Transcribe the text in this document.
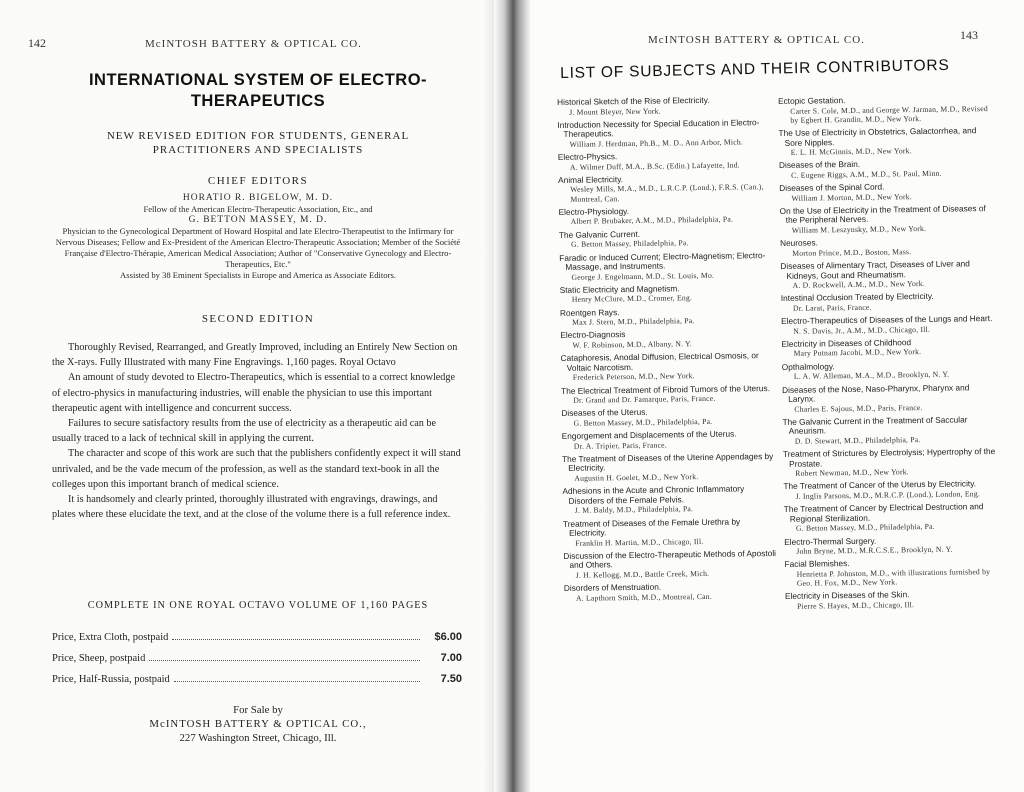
142	McINTOSH BATTERY & OPTICAL CO.
INTERNATIONAL SYSTEM OF ELECTRO-THERAPEUTICS
NEW REVISED EDITION FOR STUDENTS, GENERAL PRACTITIONERS AND SPECIALISTS
CHIEF EDITORS
HORATIO R. BIGELOW, M. D.
Fellow of the American Electro-Therapeutic Association, Etc., and
G. BETTON MASSEY, M. D.
Physician to the Gynecological Department of Howard Hospital and late Electro-Therapeutist to the Infirmary for Nervous Diseases; Fellow and Ex-President of the American Electro-Therapeutic Association; Member of the Société Française d'Electro-Thérapie, American Medical Association; Author of "Conservative Gynecology and Electro-Therapeutics, Etc."
Assisted by 38 Eminent Specialists in Europe and America as Associate Editors.
SECOND EDITION

Thoroughly Revised, Rearranged, and Greatly Improved, including an Entirely New Section on the X-rays. Fully Illustrated with many Fine Engravings. 1,160 pages. Royal Octavo

An amount of study devoted to Electro-Therapeutics, which is essential to a correct knowledge of electro-physics in manufacturing industries, will enable the physician to use this important therapeutic agent with intelligence and concurrent success.

Failures to secure satisfactory results from the use of electricity as a therapeutic aid can be usually traced to a lack of technical skill in applying the current.

The character and scope of this work are such that the publishers confidently expect it will stand unrivaled, and be the vade mecum of the profession, as well as the standard text-book in all the colleges upon this important branch of medical science.

It is handsomely and clearly printed, thoroughly illustrated with engravings, drawings, and plates where these elucidate the text, and at the close of the volume there is a full reference index.

COMPLETE IN ONE ROYAL OCTAVO VOLUME OF 1,160 PAGES
Price, Extra Cloth, postpaid	$6.00
Price, Sheep, postpaid	7.00
Price, Half-Russia, postpaid	7.50
For Sale by
McINTOSH BATTERY & OPTICAL CO.,
227 Washington Street, Chicago, Ill.
McINTOSH BATTERY & OPTICAL CO.	143
LIST OF SUBJECTS AND THEIR CONTRIBUTORS
Historical Sketch of the Rise of Electricity.
J. Mount Bleyer, New York.
Introduction Necessity for Special Education in Electro-Therapeutics.
William J. Herdman, Ph.B., M. D., Ann Arbor, Mich.
Electro-Physics.
A. Wilmer Duff, M.A., B.Sc. (Edin.) Lafayette, Ind.
Animal Electricity.
Wesley Mills, M.A., M.D., L.R.C.P. (Lond.), F.R.S. (Can.), Montreal, Can.
Electro-Physiology.
Albert P. Brubaker, A.M., M.D., Philadelphia, Pa.
The Galvanic Current.
G. Betton Massey, Philadelphia, Pa.
Faradic or Induced Current; Electro-Magnetism; Electro-Massage, and Instruments.
George J. Engelmann, M.D., St. Louis, Mo.
Static Electricity and Magnetism.
Henry McClure, M.D., Cromer, Eng.
Roentgen Rays.
Max J. Stern, M.D., Philadelphia, Pa.
Electro-Diagnosis
W. F. Robinson, M.D., Albany, N. Y.
Cataphoresis, Anodal Diffusion, Electrical Osmosis, or Voltaic Narcotism.
Frederick Peterson, M.D., New York.
The Electrical Treatment of Fibroid Tumors of the Uterus.
Dr. Grand and Dr. Famarque, Paris, France.
Diseases of the Uterus.
G. Betton Massey, M.D., Philadelphia, Pa.
Engorgement and Displacements of the Uterus.
Dr. A. Tripier, Paris, France.
The Treatment of Diseases of the Uterine Appendages by Electricity.
Augustin H. Goelet, M.D., New York.
Adhesions in the Acute and Chronic Inflammatory Disorders of the Female Pelvis.
J. M. Baldy, M.D., Philadelphia, Pa.
Treatment of Diseases of the Female Urethra by Electricity.
Franklin H. Martin, M.D., Chicago, Ill.
Discussion of the Electro-Therapeutic Methods of Apostoli and Others.
J. H. Kellogg, M.D., Battle Creek, Mich.
Disorders of Menstruation.
A. Lapthorn Smith, M.D., Montreal, Can.
Ectopic Gestation.
Carter S. Cole, M.D., and George W. Jarman, M.D., Revised by Egbert H. Grandin, M.D., New York.
The Use of Electricity in Obstetrics, Galactorrhea, and Sore Nipples.
E. L. H. McGinnis, M.D., New York.
Diseases of the Brain.
C. Eugene Riggs, A.M., M.D., St. Paul, Minn.
Diseases of the Spinal Cord.
William J. Morton, M.D., New York.
On the Use of Electricity in the Treatment of Diseases of the Peripheral Nerves.
William M. Leszynsky, M.D., New York.
Neuroses.
Morton Prince, M.D., Boston, Mass.
Diseases of Alimentary Tract, Diseases of Liver and Kidneys, Gout and Rheumatism.
A. D. Rockwell, A.M., M.D., New York.
Intestinal Occlusion Treated by Electricity.
Dr. Larat, Paris, France.
Electro-Therapeutics of Diseases of the Lungs and Heart.
N. S. Davis, Jr., A.M., M.D., Chicago, Ill.
Electricity in Diseases of Childhood
Mary Putnam Jacobi, M.D., New York.
Opthalmology.
L. A. W. Alleman, M.A., M.D., Brooklyn, N. Y.
Diseases of the Nose, Naso-Pharynx, Pharynx and Larynx.
Charles E. Sajous, M.D., Paris, France.
The Galvanic Current in the Treatment of Saccular Aneurism.
D. D. Stewart, M.D., Philadelphia, Pa.
Treatment of Strictures by Electrolysis; Hypertrophy of the Prostate.
Robert Newman, M.D., New York.
The Treatment of Cancer of the Uterus by Electricity.
J. Inglis Parsons, M.D., M.R.C.P. (Lond.), London, Eng.
The Treatment of Cancer by Electrical Destruction and Regional Sterilization.
G. Betton Massey, M.D., Philadelphia, Pa.
Electro-Thermal Surgery.
John Bryne, M.D., M.R.C.S.E., Brooklyn, N. Y.
Facial Blemishes.
Henrietta P. Johnston, M.D., with illustrations furnished by Geo. H. Fox, M.D., New York.
Electricity in Diseases of the Skin.
Pierre S. Hayes, M.D., Chicago, Ill.
